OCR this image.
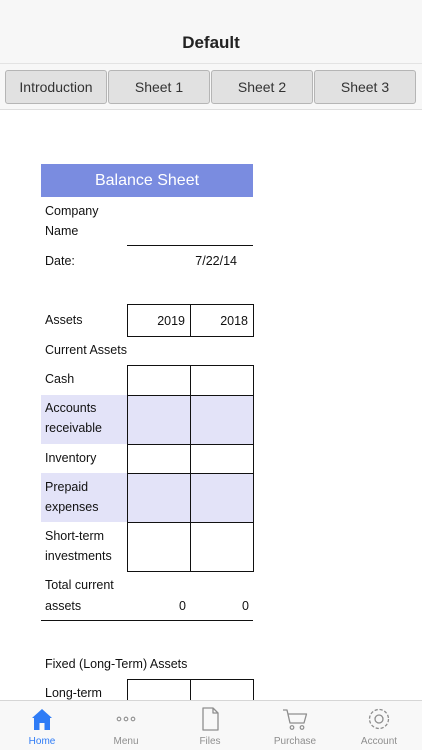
Default
Introduction	Sheet 1	Sheet 2	Sheet 3
Balance Sheet
Company
Name
Date:	7/22/14
Assets	2019	2018
Current Assets
Cash
Accounts
receivable
Inventory
Prepaid
expenses
Short-term
investments
Total current
assets	0	0
Fixed (Long-Term) Assets
Long-term
Home	Menu	Files	Purchase	Account
